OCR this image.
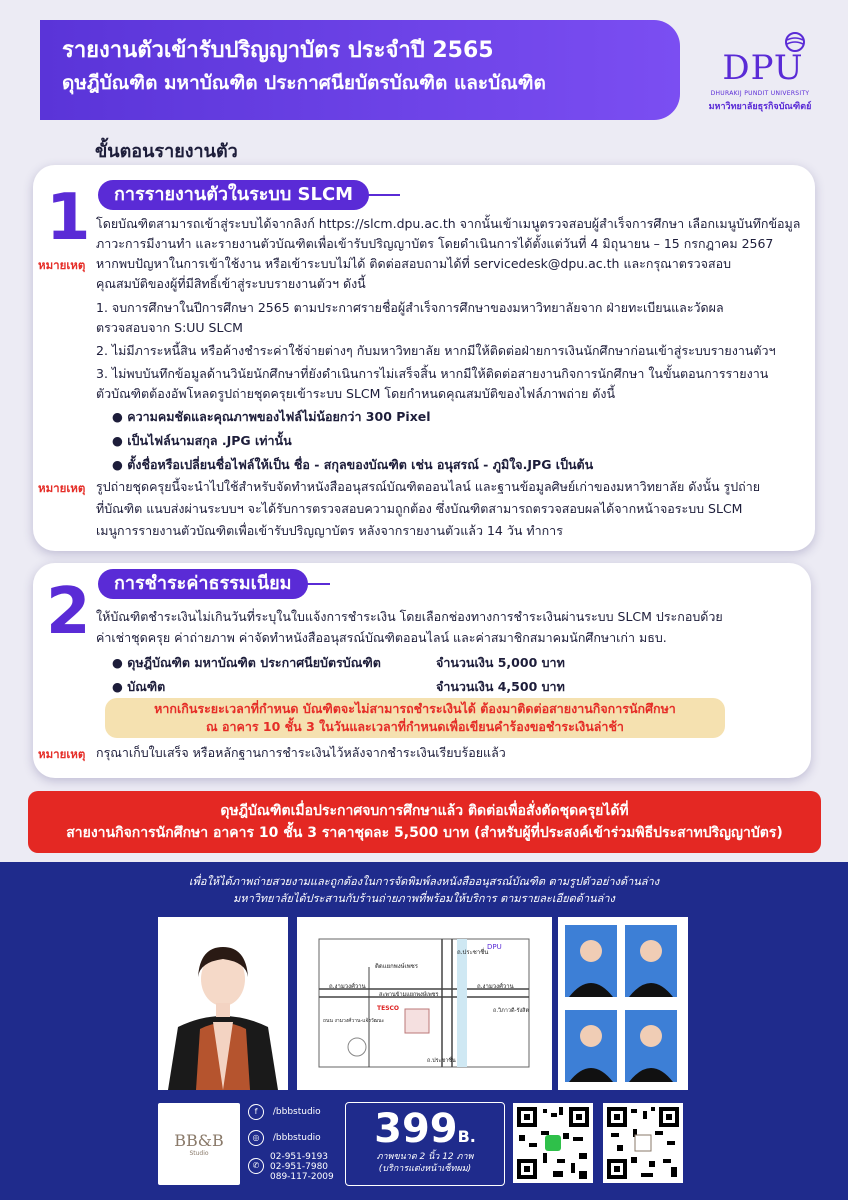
รายงานตัวเข้ารับปริญญาบัตร ประจำปี 2565
ดุษฎีบัณฑิต มหาบัณฑิต ประกาศนียบัตรบัณฑิต และบัณฑิต	DPU
DHURAKIJ PUNDIT UNIVERSITY
มหาวิทยาลัยธุรกิจบัณฑิตย์
ขั้นตอนรายงานตัว
1	การรายงานตัวในระบบ SLCM
โดยบัณฑิตสามารถเข้าสู่ระบบได้จากลิงก์ https://slcm.dpu.ac.th จากนั้นเข้าเมนูตรวจสอบผู้สำเร็จการศึกษา เลือกเมนูบันทึกข้อมูล
ภาวะการมีงานทำ และรายงานตัวบัณฑิตเพื่อเข้ารับปริญญาบัตร โดยดำเนินการได้ตั้งแต่วันที่ 4 มิถุนายน – 15 กรกฎาคม 2567
หมายเหตุ หากพบปัญหาในการเข้าใช้งาน หรือเข้าระบบไม่ได้ ติดต่อสอบถามได้ที่ servicedesk@dpu.ac.th และกรุณาตรวจสอบ
คุณสมบัติของผู้ที่มีสิทธิ์เข้าสู่ระบบรายงานตัวฯ ดังนี้
1. จบการศึกษาในปีการศึกษา 2565 ตามประกาศรายชื่อผู้สำเร็จการศึกษาของมหาวิทยาลัยจาก ฝ่ายทะเบียนและวัดผล
ตรวจสอบจาก S:UU SLCM
2. ไม่มีภาระหนี้สิน หรือค้างชำระค่าใช้จ่ายต่างๆ กับมหาวิทยาลัย หากมีให้ติดต่อฝ่ายการเงินนักศึกษาก่อนเข้าสู่ระบบรายงานตัวฯ
3. ไม่พบบันทึกข้อมูลด้านวินัยนักศึกษาที่ยังดำเนินการไม่เสร็จสิ้น หากมีให้ติดต่อสายงานกิจการนักศึกษา ในขั้นตอนการรายงาน
ตัวบัณฑิตต้องอัพโหลดรูปถ่ายชุดครุยเข้าระบบ SLCM โดยกำหนดคุณสมบัติของไฟล์ภาพถ่าย ดังนี้
● ความคมชัดและคุณภาพของไฟล์ไม่น้อยกว่า 300 Pixel
● เป็นไฟล์นามสกุล .JPG เท่านั้น
● ตั้งชื่อหรือเปลี่ยนชื่อไฟล์ให้เป็น ชื่อ - สกุลของบัณฑิต เช่น อนุสรณ์ - ภูมิใจ.JPG เป็นต้น
หมายเหตุ รูปถ่ายชุดครุยนี้จะนำไปใช้สำหรับจัดทำหนังสืออนุสรณ์บัณฑิตออนไลน์ และฐานข้อมูลศิษย์เก่าของมหาวิทยาลัย ดังนั้น รูปถ่าย
ที่บัณฑิต แนบส่งผ่านระบบฯ จะได้รับการตรวจสอบความถูกต้อง ซึ่งบัณฑิตสามารถตรวจสอบผลได้จากหน้าจอระบบ SLCM
เมนูการรายงานตัวบัณฑิตเพื่อเข้ารับปริญญาบัตร หลังจากรายงานตัวแล้ว 14 วัน ทำการ
2	การชำระค่าธรรมเนียม
ให้บัณฑิตชำระเงินไม่เกินวันที่ระบุในใบแจ้งการชำระเงิน โดยเลือกช่องทางการชำระเงินผ่านระบบ SLCM ประกอบด้วย
ค่าเช่าชุดครุย ค่าถ่ายภาพ ค่าจัดทำหนังสืออนุสรณ์บัณฑิตออนไลน์ และค่าสมาชิกสมาคมนักศึกษาเก่า มธบ.
● ดุษฎีบัณฑิต มหาบัณฑิต ประกาศนียบัตรบัณฑิต	จำนวนเงิน 5,000 บาท
● บัณฑิต	จำนวนเงิน 4,500 บาท
หากเกินระยะเวลาที่กำหนด บัณฑิตจะไม่สามารถชำระเงินได้ ต้องมาติดต่อสายงานกิจการนักศึกษา
ณ อาคาร 10 ชั้น 3 ในวันและเวลาที่กำหนดเพื่อเขียนคำร้องขอชำระเงินล่าช้า
หมายเหตุ กรุณาเก็บใบเสร็จ หรือหลักฐานการชำระเงินไว้หลังจากชำระเงินเรียบร้อยแล้ว
ดุษฎีบัณฑิตเมื่อประกาศจบการศึกษาแล้ว ติดต่อเพื่อสั่งตัดชุดครุยได้ที่
สายงานกิจการนักศึกษา อาคาร 10 ชั้น 3 ราคาชุดละ 5,500 บาท (สำหรับผู้ที่ประสงค์เข้าร่วมพิธีประสาทปริญญาบัตร)
เพื่อให้ได้ภาพถ่ายสวยงามและถูกต้องในการจัดพิมพ์ลงหนังสืออนุสรณ์บัณฑิต ตามรูปตัวอย่างด้านล่าง
มหาวิทยาลัยได้ประสานกับร้านถ่ายภาพที่พร้อมให้บริการ ตามรายละเอียดด้านล่าง
ติดแยกพงษ์เพชร
ถ.ประชาชื่น
ถ.งามวงศ์วาน
สะพานข้ามแยกพงษ์เพชร
ถ.งามวงศ์วาน
ถ.วิภาวดี-รังสิต
ถ.ประชาชื่น
ถนน งามวงศ์วาน-แจ้งวัฒนะ
TESCO
DPU
BB&B
Studio
f /bbbstudio
◎ /bbbstudio
✆
02-951-9193
02-951-7980
089-117-2009
399B.
ภาพขนาด 2 นิ้ว 12 ภาพ
(บริการแต่งหน้าเซ็ทผม)
